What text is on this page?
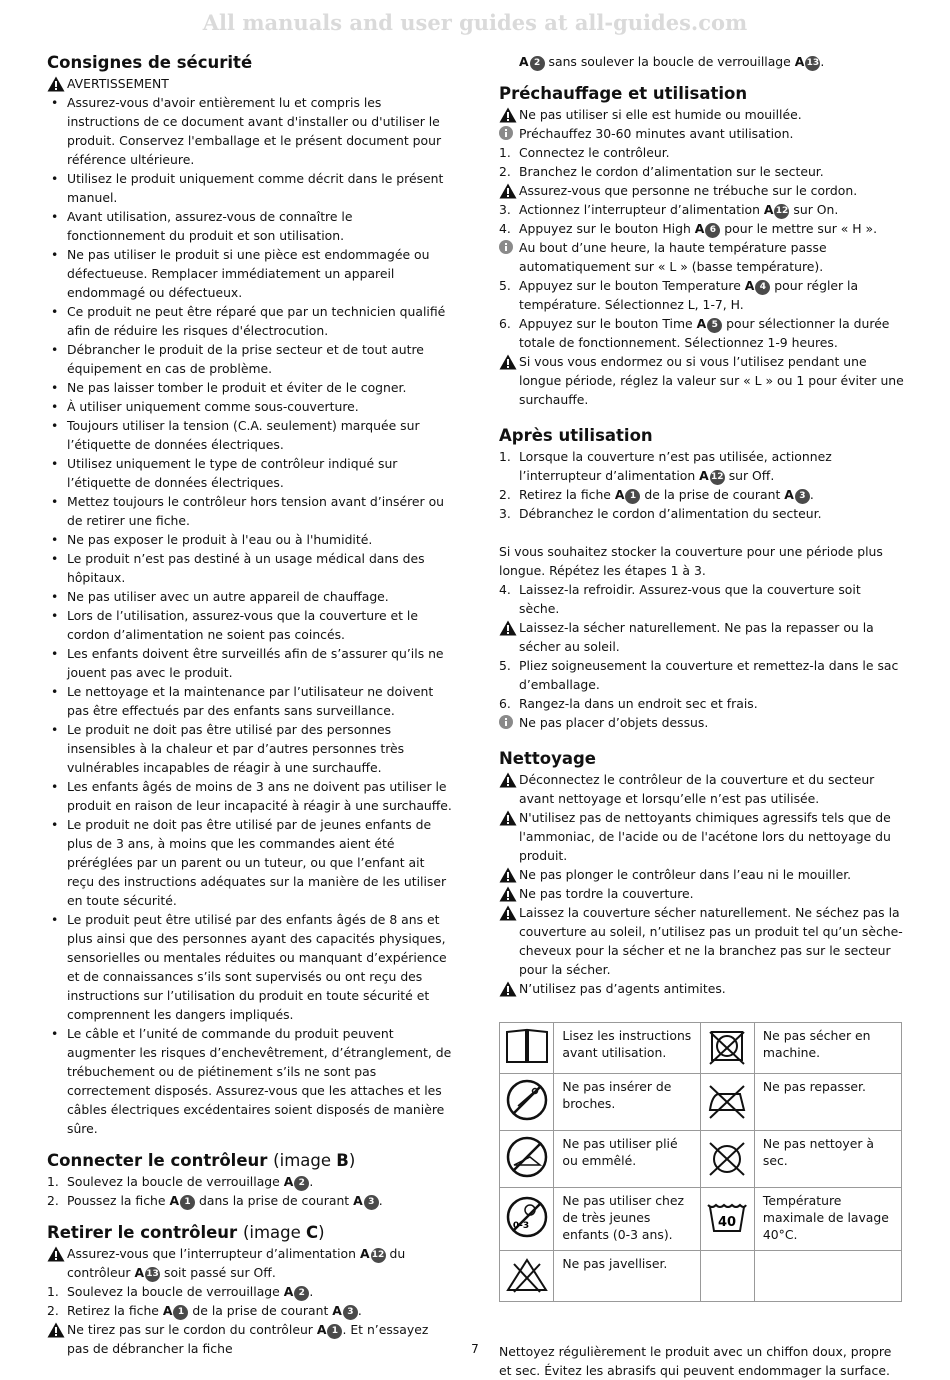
All manuals and user guides at all-guides.com
Consignes de sécurité
AVERTISSEMENT
• Assurez-vous d'avoir entièrement lu et compris les instructions de ce document avant d'installer ou d'utiliser le produit. Conservez l'emballage et le présent document pour référence ultérieure.
• Utilisez le produit uniquement comme décrit dans le présent manuel.
• Avant utilisation, assurez-vous de connaître le fonctionnement du produit et son utilisation.
• Ne pas utiliser le produit si une pièce est endommagée ou défectueuse. Remplacer immédiatement un appareil endommagé ou défectueux.
• Ce produit ne peut être réparé que par un technicien qualifié afin de réduire les risques d'électrocution.
• Débrancher le produit de la prise secteur et de tout autre équipement en cas de problème.
• Ne pas laisser tomber le produit et éviter de le cogner.
• À utiliser uniquement comme sous-couverture.
• Toujours utiliser la tension (C.A. seulement) marquée sur l’étiquette de données électriques.
• Utilisez uniquement le type de contrôleur indiqué sur l’étiquette de données électriques.
• Mettez toujours le contrôleur hors tension avant d’insérer ou de retirer une fiche.
• Ne pas exposer le produit à l'eau ou à l'humidité.
• Le produit n’est pas destiné à un usage médical dans des hôpitaux.
• Ne pas utiliser avec un autre appareil de chauffage.
• Lors de l’utilisation, assurez-vous que la couverture et le cordon d’alimentation ne soient pas coincés.
• Les enfants doivent être surveillés afin de s’assurer qu’ils ne jouent pas avec le produit.
• Le nettoyage et la maintenance par l’utilisateur ne doivent pas être effectués par des enfants sans surveillance.
• Le produit ne doit pas être utilisé par des personnes insensibles à la chaleur et par d’autres personnes très vulnérables incapables de réagir à une surchauffe.
• Les enfants âgés de moins de 3 ans ne doivent pas utiliser le produit en raison de leur incapacité à réagir à une surchauffe.
• Le produit ne doit pas être utilisé par de jeunes enfants de plus de 3 ans, à moins que les commandes aient été préréglées par un parent ou un tuteur, ou que l’enfant ait reçu des instructions adéquates sur la manière de les utiliser en toute sécurité.
• Le produit peut être utilisé par des enfants âgés de 8 ans et plus ainsi que des personnes ayant des capacités physiques, sensorielles ou mentales réduites ou manquant d’expérience et de connaissances s’ils sont supervisés ou ont reçu des instructions sur l’utilisation du produit en toute sécurité et comprennent les dangers impliqués.
• Le câble et l’unité de commande du produit peuvent augmenter les risques d’enchevêtrement, d’étranglement, de trébuchement ou de piétinement s’ils ne sont pas correctement disposés. Assurez-vous que les attaches et les câbles électriques excédentaires soient disposés de manière sûre.
Connecter le contrôleur (image B)
1. Soulevez la boucle de verrouillage A 2 .
2. Poussez la fiche A 1 dans la prise de courant A 3 .
Retirer le contrôleur (image C)
Assurez-vous que l’interrupteur d’alimentation A 12 du contrôleur A 13 soit passé sur Off.
1. Soulevez la boucle de verrouillage A 2 .
2. Retirez la fiche A 1 de la prise de courant A 3 .
Ne tirez pas sur le cordon du contrôleur A 1 . Et n’essayez pas de débrancher la fiche
A 2 sans soulever la boucle de verrouillage A 13.
Préchauffage et utilisation
Ne pas utiliser si elle est humide ou mouillée.
Préchauffez 30-60 minutes avant utilisation.
1. Connectez le contrôleur.
2. Branchez le cordon d’alimentation sur le secteur.
Assurez-vous que personne ne trébuche sur le cordon.
3. Actionnez l’interrupteur d’alimentation A 12 sur On.
4. Appuyez sur le bouton High A 6 pour le mettre sur « H ».
Au bout d’une heure, la haute température passe automatiquement sur « L » (basse température).
5. Appuyez sur le bouton Temperature A 4 pour régler la température. Sélectionnez L, 1-7, H.
6. Appuyez sur le bouton Time A 5 pour sélectionner la durée totale de fonctionnement. Sélectionnez 1-9 heures.
Si vous vous endormez ou si vous l’utilisez pendant une longue période, réglez la valeur sur « L » ou 1 pour éviter une surchauffe.
Après utilisation
1. Lorsque la couverture n’est pas utilisée, actionnez l’interrupteur d’alimentation A 12 sur Off.
2. Retirez la fiche A 1 de la prise de courant A 3 .
3. Débranchez le cordon d’alimentation du secteur.
Si vous souhaitez stocker la couverture pour une période plus longue. Répétez les étapes 1 à 3.
4. Laissez-la refroidir. Assurez-vous que la couverture soit sèche.
Laissez-la sécher naturellement. Ne pas la repasser ou la sécher au soleil.
5. Pliez soigneusement la couverture et remettez-la dans le sac d’emballage.
6. Rangez-la dans un endroit sec et frais.
Ne pas placer d’objets dessus.
Nettoyage
Déconnectez le contrôleur de la couverture et du secteur avant nettoyage et lorsqu’elle n’est pas utilisée.
N'utilisez pas de nettoyants chimiques agressifs tels que de l'ammoniac, de l'acide ou de l'acétone lors du nettoyage du produit.
Ne pas plonger le contrôleur dans l’eau ni le mouiller.
Ne pas tordre la couverture.
Laissez la couverture sécher naturellement. Ne séchez pas la couverture au soleil, n’utilisez pas un produit tel qu’un sèche-cheveux pour la sécher et ne la branchez pas sur le secteur pour la sécher.
N’utilisez pas d’agents antimites.
	Lisez les instructions avant utilisation.		Ne pas sécher en machine.
	Ne pas insérer de broches.		Ne pas repasser.
	Ne pas utiliser plié ou emmêlé.		Ne pas nettoyer à sec.

0-3	Ne pas utiliser chez de très jeunes enfants (0-3 ans).	40	Température maximale de lavage 40°C.
	Ne pas javelliser.		
Nettoyez régulièrement le produit avec un chiffon doux, propre et sec. Évitez les abrasifs qui peuvent endommager la surface.
7
